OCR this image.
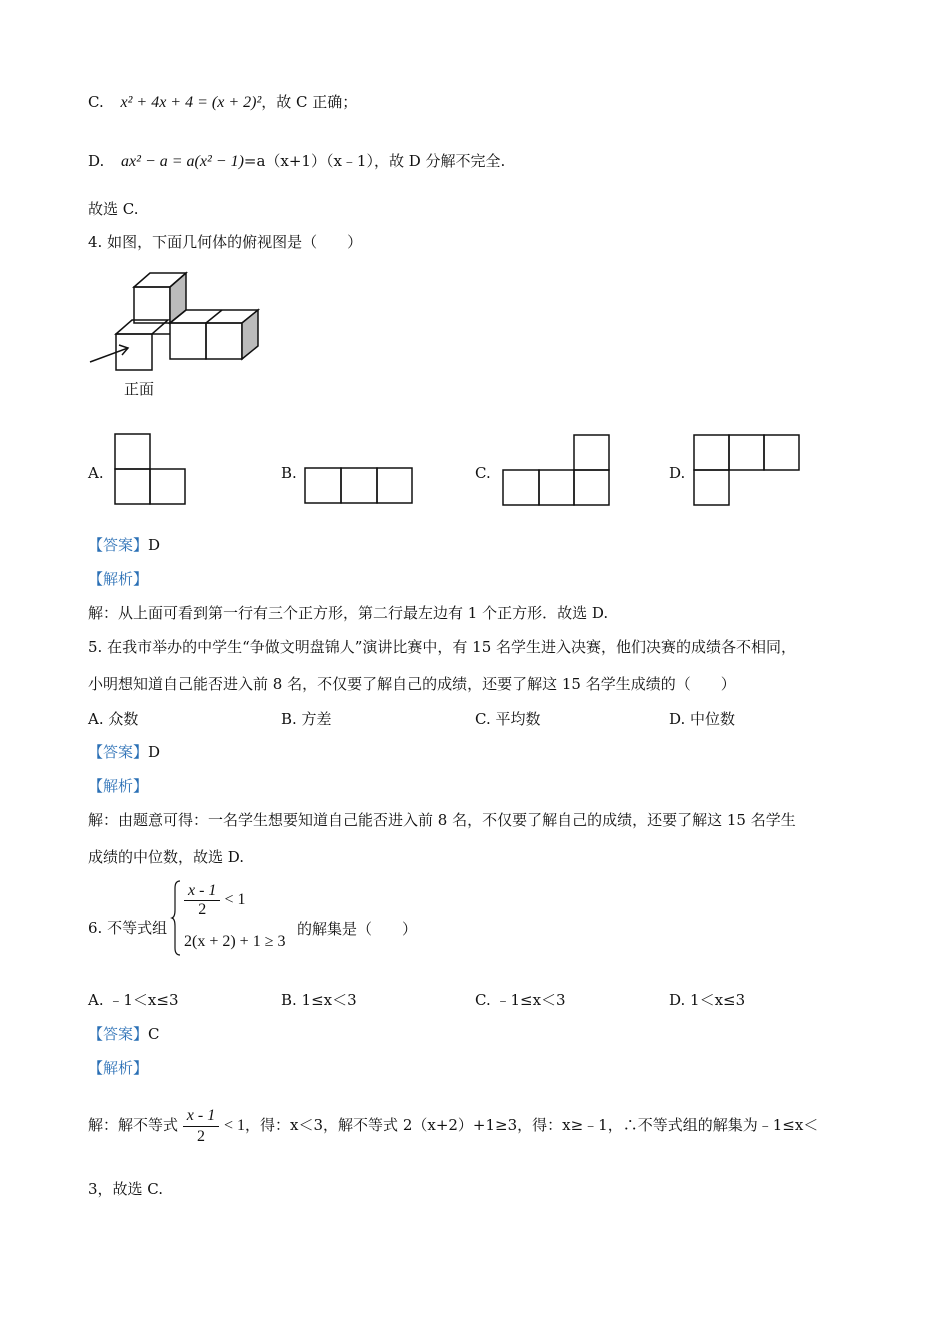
C. x² + 4x + 4 = (x + 2)²，故 C 正确；
D. ax² − a = a(x² − 1)=a（x+1）（x﹣1），故 D 分解不完全.
故选 C.
4. 如图，下面几何体的俯视图是（　　）
正面
A.	B.	C.	D.
【答案】D
【解析】
解：从上面可看到第一行有三个正方形，第二行最左边有 1 个正方形．故选 D.
5. 在我市举办的中学生“争做文明盘锦人”演讲比赛中，有 15 名学生进入决赛，他们决赛的成绩各不相同，
小明想知道自己能否进入前 8 名，不仅要了解自己的成绩，还要了解这 15 名学生成绩的（　　）
A. 众数	B. 方差	C. 平均数	D. 中位数
【答案】D
【解析】
解：由题意可得：一名学生想要知道自己能否进入前 8 名，不仅要了解自己的成绩，还要了解这 15 名学生
成绩的中位数，故选 D.
6. 不等式组
$\frac{x - 1}{2} < 1$
2(x + 2) + 1 ≥ 3
的解集是（　　）
A. ﹣1＜x≤3	B. 1≤x＜3	C. ﹣1≤x＜3	D. 1＜x≤3
【答案】C
【解析】
解：解不等式 $\frac{x - 1}{2} < 1$，得：x＜3，解不等式 2（x+2）+1≥3，得：x≥﹣1，∴不等式组的解集为﹣1≤x＜
3，故选 C.
